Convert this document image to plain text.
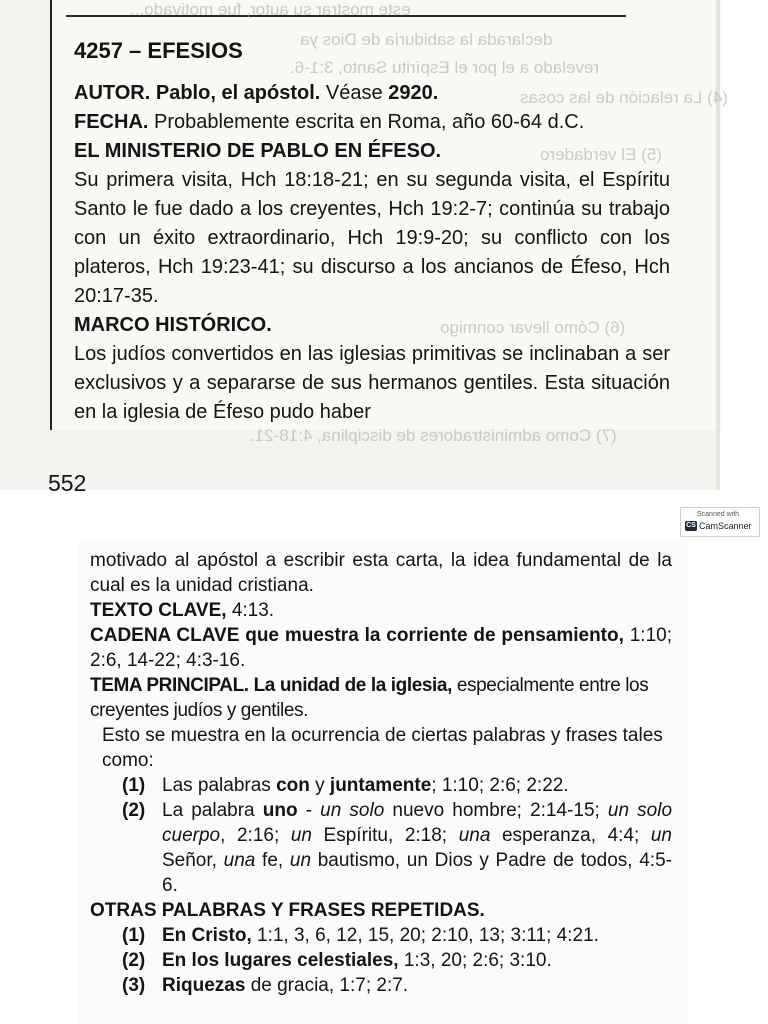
este mostrar su autor, fue motivado...
declarada la sabiduría de Dios ya
revelado a el por el Espíritu Santo, 3:1-6.
(4) La relación de las cosas
(5) El verdadero
(6) Cómo llevar conmigo
(7) Como administradores de disciplina, 4:18-21.

4257 – EFESIOS

AUTOR. Pablo, el apóstol. Véase 2920.

FECHA. Probablemente escrita en Roma, año 60-64 d.C.

EL MINISTERIO DE PABLO EN ÉFESO.

Su primera visita, Hch 18:18-21; en su segunda visita, el Espíritu Santo le fue dado a los creyentes, Hch 19:2-7; continúa su trabajo con un éxito extraordinario, Hch 19:9-20; su conflicto con los plateros, Hch 19:23-41; su discurso a los ancianos de Éfeso, Hch 20:17-35.

MARCO HISTÓRICO.

Los judíos convertidos en las iglesias primitivas se inclinaban a ser exclusivos y a separarse de sus hermanos gentiles. Esta situación en la iglesia de Éfeso pudo haber

552
Scanned with
CS CamScanner

motivado al apóstol a escribir esta carta, la idea fundamental de la cual es la unidad cristiana.

TEXTO CLAVE, 4:13.

CADENA CLAVE que muestra la corriente de pensamiento, 1:10; 2:6, 14-22; 4:3-16.

TEMA PRINCIPAL. La unidad de la iglesia, especialmente entre los creyentes judíos y gentiles.

Esto se muestra en la ocurrencia de ciertas palabras y frases tales como:

(1) Las palabras con y juntamente; 1:10; 2:6; 2:22.
(2) La palabra uno - un solo nuevo hombre; 2:14-15; un solo cuerpo, 2:16; un Espíritu, 2:18; una esperanza, 4:4; un Señor, una fe, un bautismo, un Dios y Padre de todos, 4:5-6.

OTRAS PALABRAS Y FRASES REPETIDAS.

(1) En Cristo, 1:1, 3, 6, 12, 15, 20; 2:10, 13; 3:11; 4:21.
(2) En los lugares celestiales, 1:3, 20; 2:6; 3:10.
(3) Riquezas de gracia, 1:7; 2:7.
